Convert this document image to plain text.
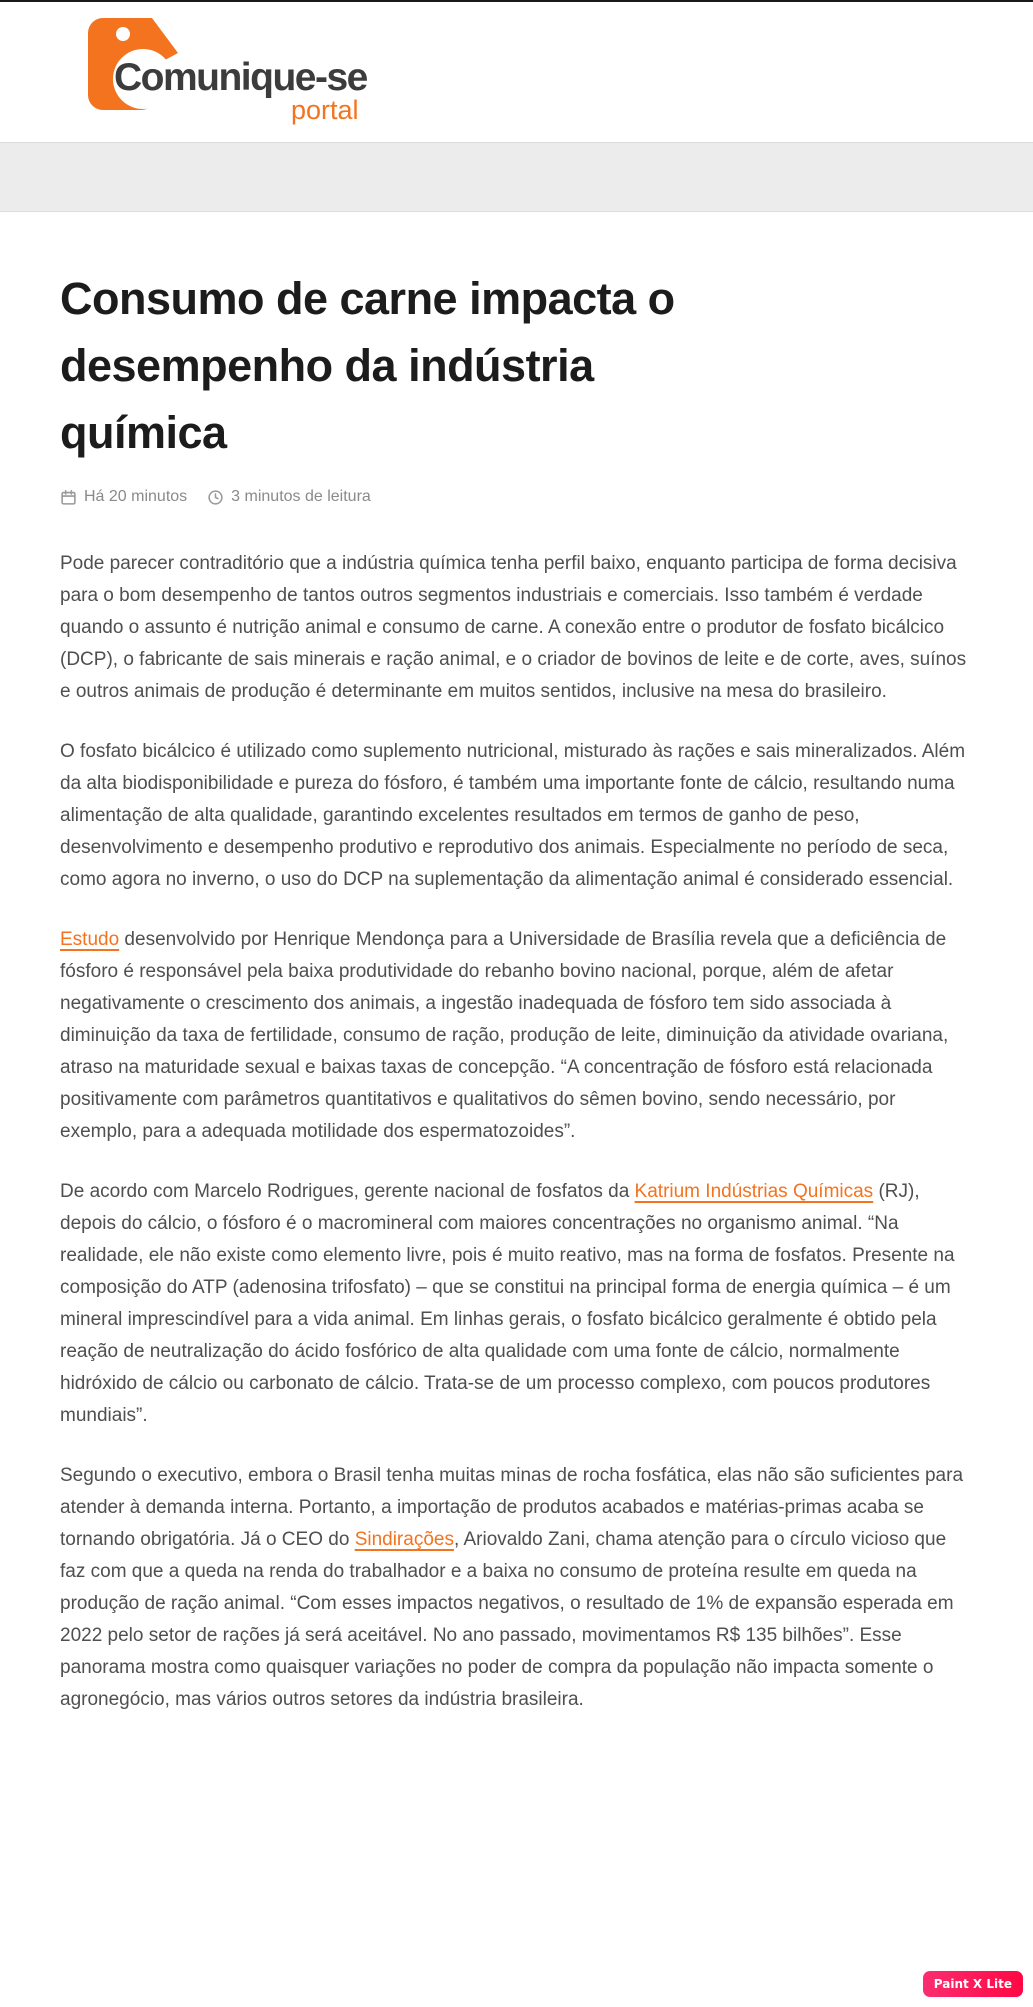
Comunique-se
portal
Consumo de carne impacta o desempenho da indústria química
Há 20 minutos	3 minutos de leitura

Pode parecer contraditório que a indústria química tenha perfil baixo, enquanto participa de forma decisiva para o bom desempenho de tantos outros segmentos industriais e comerciais. Isso também é verdade quando o assunto é nutrição animal e consumo de carne. A conexão entre o produtor de fosfato bicálcico (DCP), o fabricante de sais minerais e ração animal, e o criador de bovinos de leite e de corte, aves, suínos e outros animais de produção é determinante em muitos sentidos, inclusive na mesa do brasileiro.

O fosfato bicálcico é utilizado como suplemento nutricional, misturado às rações e sais mineralizados. Além da alta biodisponibilidade e pureza do fósforo, é também uma importante fonte de cálcio, resultando numa alimentação de alta qualidade, garantindo excelentes resultados em termos de ganho de peso, desenvolvimento e desempenho produtivo e reprodutivo dos animais. Especialmente no período de seca, como agora no inverno, o uso do DCP na suplementação da alimentação animal é considerado essencial.

Estudo desenvolvido por Henrique Mendonça para a Universidade de Brasília revela que a deficiência de fósforo é responsável pela baixa produtividade do rebanho bovino nacional, porque, além de afetar negativamente o crescimento dos animais, a ingestão inadequada de fósforo tem sido associada à diminuição da taxa de fertilidade, consumo de ração, produção de leite, diminuição da atividade ovariana, atraso na maturidade sexual e baixas taxas de concepção. “A concentração de fósforo está relacionada positivamente com parâmetros quantitativos e qualitativos do sêmen bovino, sendo necessário, por exemplo, para a adequada motilidade dos espermatozoides”.

De acordo com Marcelo Rodrigues, gerente nacional de fosfatos da Katrium Indústrias Químicas (RJ), depois do cálcio, o fósforo é o macromineral com maiores concentrações no organismo animal. “Na realidade, ele não existe como elemento livre, pois é muito reativo, mas na forma de fosfatos. Presente na composição do ATP (adenosina trifosfato) – que se constitui na principal forma de energia química – é um mineral imprescindível para a vida animal. Em linhas gerais, o fosfato bicálcico geralmente é obtido pela reação de neutralização do ácido fosfórico de alta qualidade com uma fonte de cálcio, normalmente hidróxido de cálcio ou carbonato de cálcio. Trata-se de um processo complexo, com poucos produtores mundiais”.

Segundo o executivo, embora o Brasil tenha muitas minas de rocha fosfática, elas não são suficientes para atender à demanda interna. Portanto, a importação de produtos acabados e matérias-primas acaba se tornando obrigatória. Já o CEO do Sindirações, Ariovaldo Zani, chama atenção para o círculo vicioso que faz com que a queda na renda do trabalhador e a baixa no consumo de proteína resulte em queda na produção de ração animal. “Com esses impactos negativos, o resultado de 1% de expansão esperada em 2022 pelo setor de rações já será aceitável. No ano passado, movimentamos R$ 135 bilhões”. Esse panorama mostra como quaisquer variações no poder de compra da população não impacta somente o agronegócio, mas vários outros setores da indústria brasileira.

Paint X Lite
